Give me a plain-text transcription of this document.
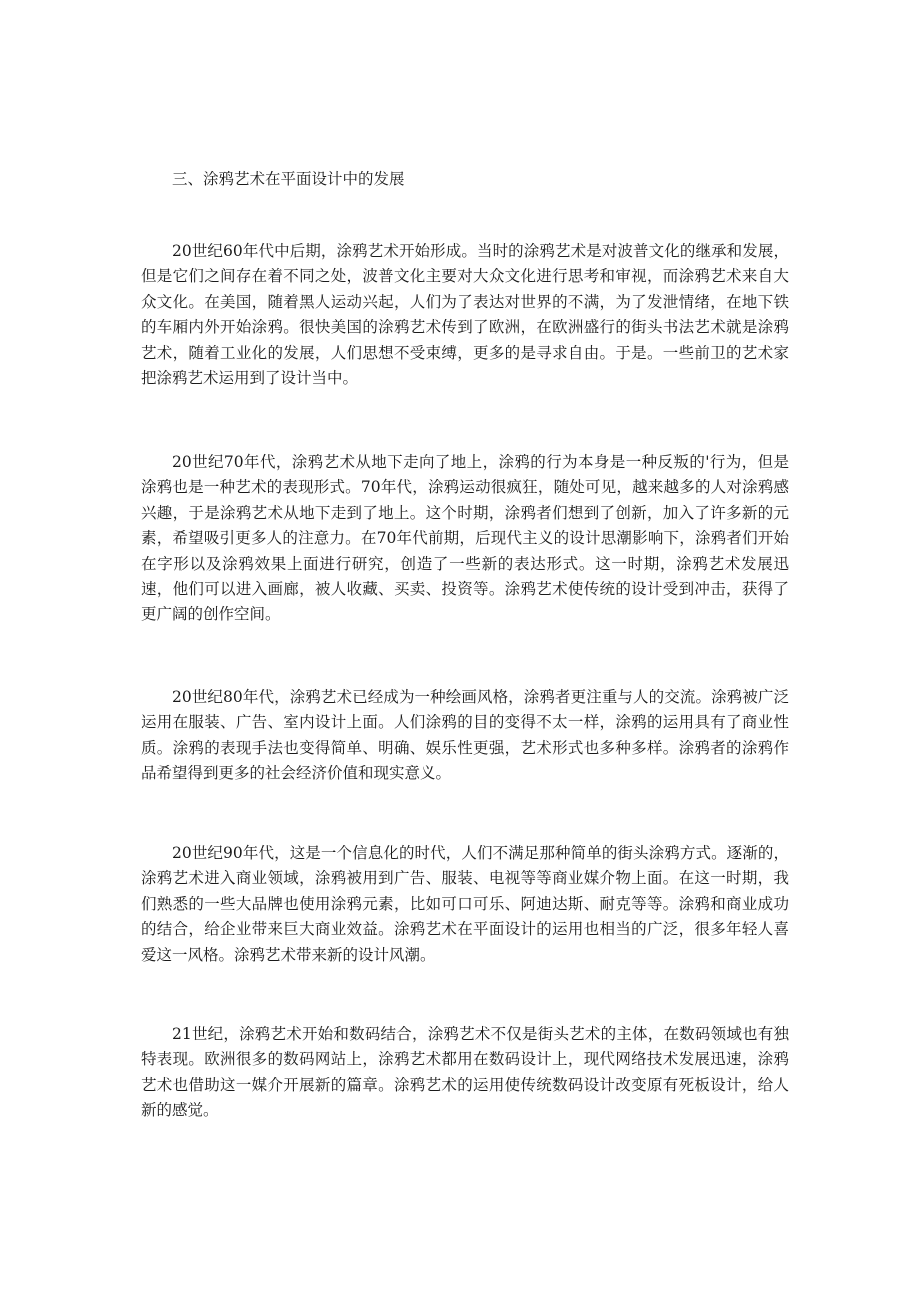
三、涂鸦艺术在平面设计中的发展

20世纪60年代中后期，涂鸦艺术开始形成。当时的涂鸦艺术是对波普文化的继承和发展，但是它们之间存在着不同之处，波普文化主要对大众文化进行思考和审视，而涂鸦艺术来自大众文化。在美国，随着黑人运动兴起，人们为了表达对世界的不满，为了发泄情绪，在地下铁的车厢内外开始涂鸦。很快美国的涂鸦艺术传到了欧洲，在欧洲盛行的街头书法艺术就是涂鸦艺术，随着工业化的发展，人们思想不受束缚，更多的是寻求自由。于是。一些前卫的艺术家把涂鸦艺术运用到了设计当中。

20世纪70年代，涂鸦艺术从地下走向了地上，涂鸦的行为本身是一种反叛的'行为，但是涂鸦也是一种艺术的表现形式。70年代，涂鸦运动很疯狂，随处可见，越来越多的人对涂鸦感兴趣，于是涂鸦艺术从地下走到了地上。这个时期，涂鸦者们想到了创新，加入了许多新的元素，希望吸引更多人的注意力。在70年代前期，后现代主义的设计思潮影响下，涂鸦者们开始在字形以及涂鸦效果上面进行研究，创造了一些新的表达形式。这一时期，涂鸦艺术发展迅速，他们可以进入画廊，被人收藏、买卖、投资等。涂鸦艺术使传统的设计受到冲击，获得了更广阔的创作空间。

20世纪80年代，涂鸦艺术已经成为一种绘画风格，涂鸦者更注重与人的交流。涂鸦被广泛运用在服装、广告、室内设计上面。人们涂鸦的目的变得不太一样，涂鸦的运用具有了商业性质。涂鸦的表现手法也变得简单、明确、娱乐性更强，艺术形式也多种多样。涂鸦者的涂鸦作品希望得到更多的社会经济价值和现实意义。

20世纪90年代，这是一个信息化的时代，人们不满足那种简单的街头涂鸦方式。逐渐的，涂鸦艺术进入商业领域，涂鸦被用到广告、服装、电视等等商业媒介物上面。在这一时期，我们熟悉的一些大品牌也使用涂鸦元素，比如可口可乐、阿迪达斯、耐克等等。涂鸦和商业成功的结合，给企业带来巨大商业效益。涂鸦艺术在平面设计的运用也相当的广泛，很多年轻人喜爱这一风格。涂鸦艺术带来新的设计风潮。

21世纪，涂鸦艺术开始和数码结合，涂鸦艺术不仅是街头艺术的主体，在数码领域也有独特表现。欧洲很多的数码网站上，涂鸦艺术都用在数码设计上，现代网络技术发展迅速，涂鸦艺术也借助这一媒介开展新的篇章。涂鸦艺术的运用使传统数码设计改变原有死板设计，给人新的感觉。
